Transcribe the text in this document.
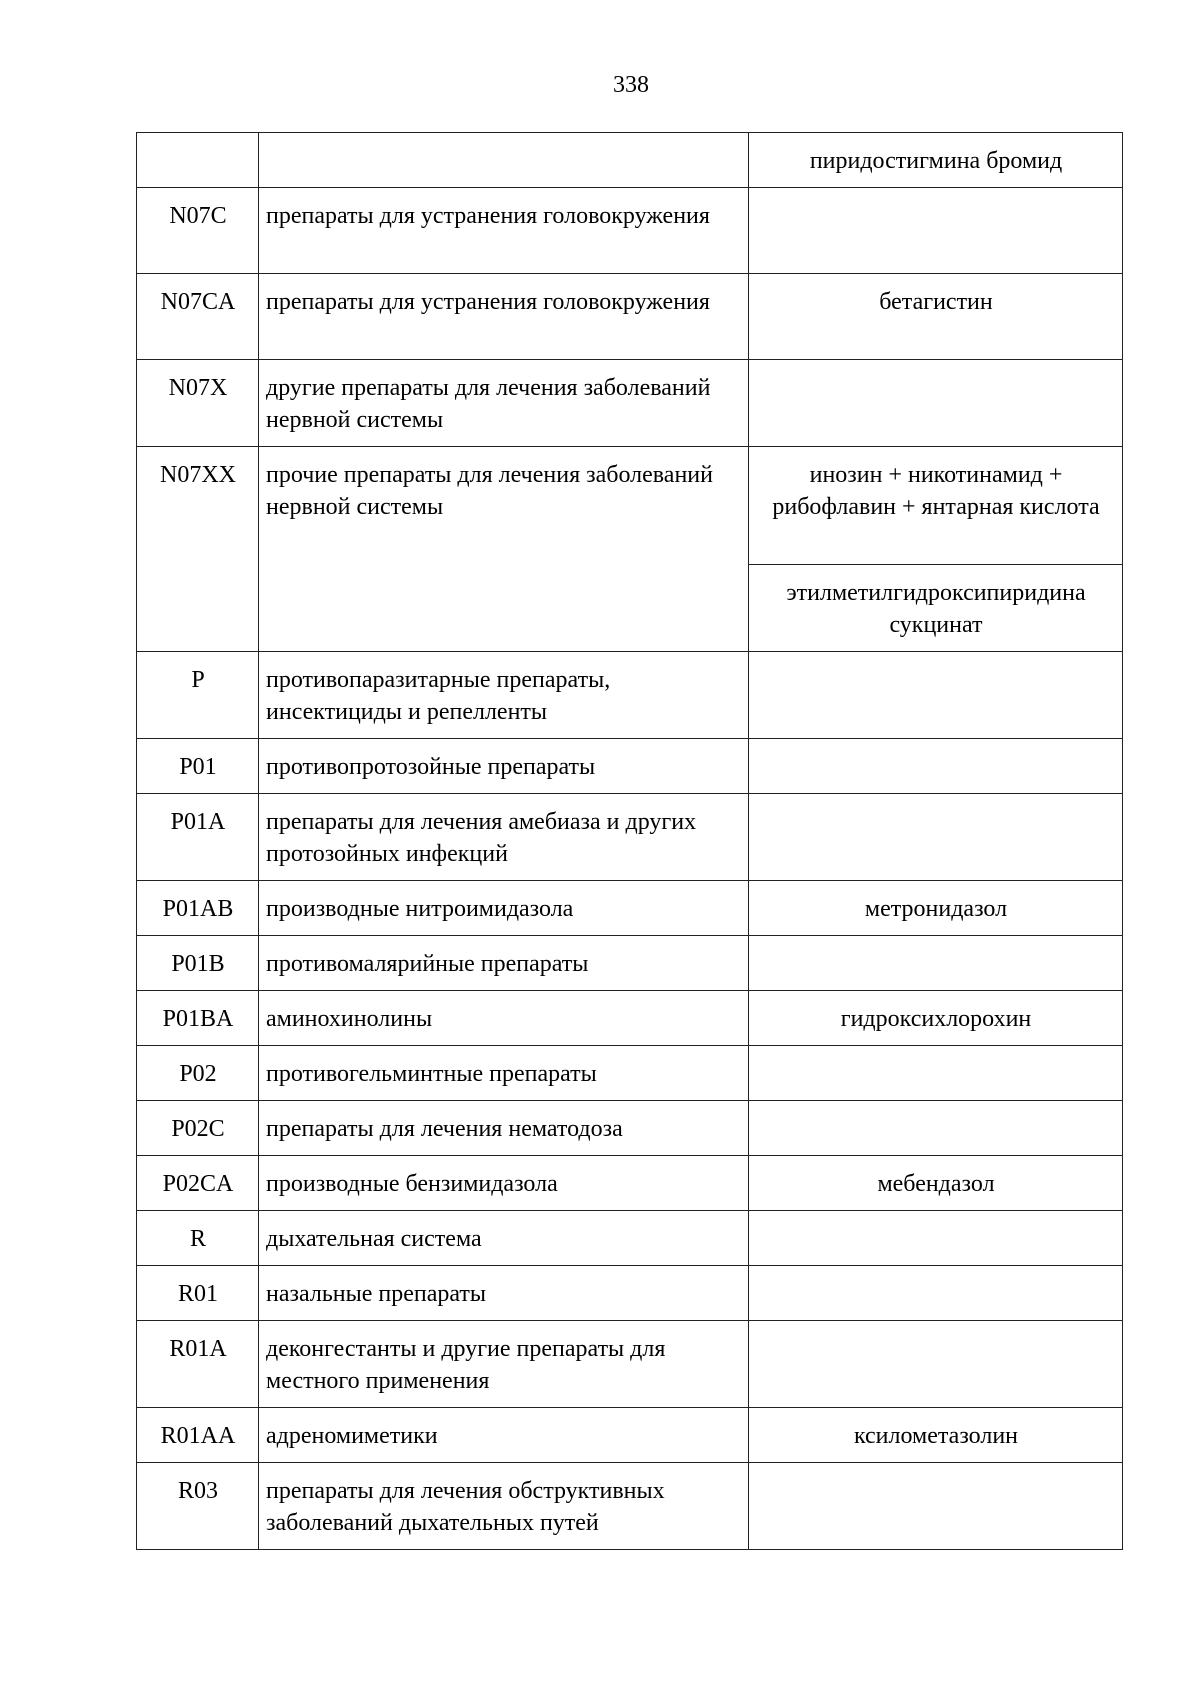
338
		пиридостигмина бромид
N07C	препараты для устранения головокружения	
N07CA	препараты для устранения головокружения	бетагистин
N07X	другие препараты для лечения заболеваний нервной системы	
N07XX	прочие препараты для лечения заболеваний нервной системы	инозин + никотинамид + рибофлавин + янтарная кислота
		этилметилгидроксипиридина сукцинат
P	противопаразитарные препараты, инсектициды и репелленты	
P01	противопротозойные препараты	
P01A	препараты для лечения амебиаза и других протозойных инфекций	
P01AB	производные нитроимидазола	метронидазол
P01B	противомалярийные препараты	
P01BA	аминохинолины	гидроксихлорохин
P02	противогельминтные препараты	
P02C	препараты для лечения нематодоза	
P02CA	производные бензимидазола	мебендазол
R	дыхательная система	
R01	назальные препараты	
R01A	деконгестанты и другие препараты для местного применения	
R01AA	адреномиметики	ксилометазолин
R03	препараты для лечения обструктивных заболеваний дыхательных путей	
